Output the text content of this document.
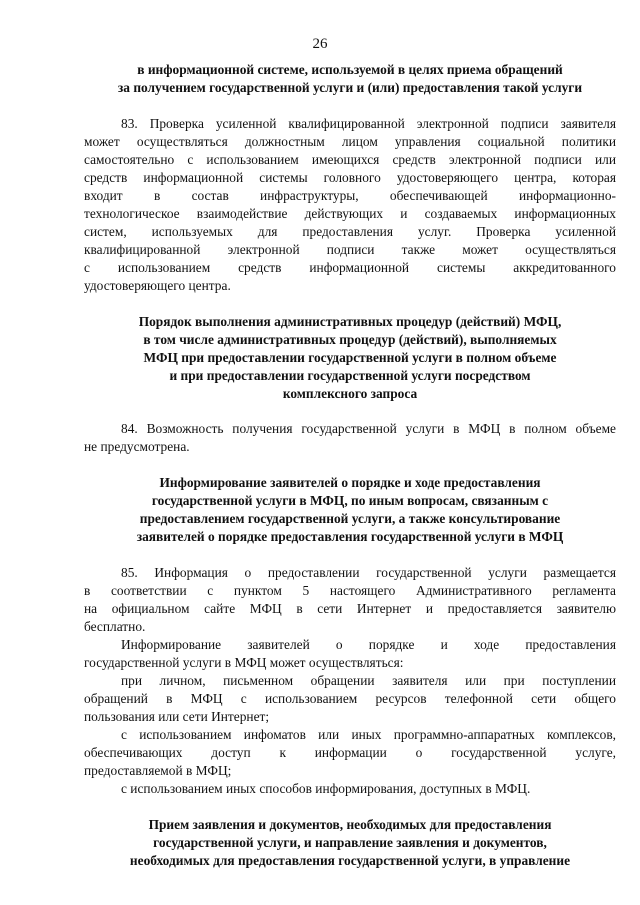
26
в информационной системе, используемой в целях приема обращений
за получением государственной услуги и (или) предоставления такой услуги
83. Проверка усиленной квалифицированной электронной подписи заявителя
может осуществляться должностным лицом управления социальной политики
самостоятельно с использованием имеющихся средств электронной подписи или
средств информационной системы головного удостоверяющего центра, которая
входит в состав инфраструктуры, обеспечивающей информационно-
технологическое взаимодействие действующих и создаваемых информационных
систем, используемых для предоставления услуг. Проверка усиленной
квалифицированной электронной подписи также может осуществляться
с использованием средств информационной системы аккредитованного
удостоверяющего центра.
Порядок выполнения административных процедур (действий) МФЦ,
в том числе административных процедур (действий), выполняемых
МФЦ при предоставлении государственной услуги в полном объеме
и при предоставлении государственной услуги посредством
комплексного запроса
84. Возможность получения государственной услуги в МФЦ в полном объеме
не предусмотрена.
Информирование заявителей о порядке и ходе предоставления
государственной услуги в МФЦ, по иным вопросам, связанным с
предоставлением государственной услуги, а также консультирование
заявителей о порядке предоставления государственной услуги в МФЦ
85. Информация о предоставлении государственной услуги размещается
в соответствии с пунктом 5 настоящего Административного регламента
на официальном сайте МФЦ в сети Интернет и предоставляется заявителю
бесплатно.
Информирование заявителей о порядке и ходе предоставления
государственной услуги в МФЦ может осуществляться:
при личном, письменном обращении заявителя или при поступлении
обращений в МФЦ с использованием ресурсов телефонной сети общего
пользования или сети Интернет;
с использованием инфоматов или иных программно-аппаратных комплексов,
обеспечивающих доступ к информации о государственной услуге,
предоставляемой в МФЦ;
с использованием иных способов информирования, доступных в МФЦ.
Прием заявления и документов, необходимых для предоставления
государственной услуги, и направление заявления и документов,
необходимых для предоставления государственной услуги, в управление
